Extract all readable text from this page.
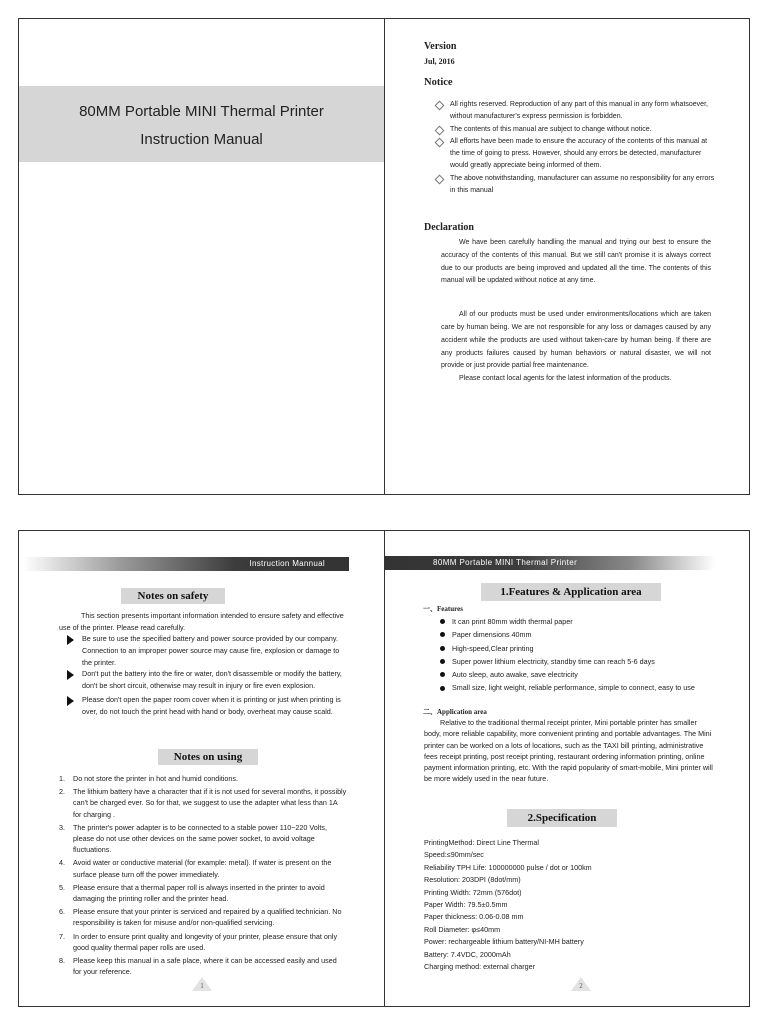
80MM Portable MINI Thermal Printer
Instruction Manual
Version
Jul, 2016
Notice
All rights reserved. Reproduction of any part of this manual in any form whatsoever, without manufacturer's express permission is forbidden.
The contents of this manual are subject to change without notice.
All efforts have been made to ensure the accuracy of the contents of this manual at the time of going to press. However, should any errors be detected, manufacturer would greatly appreciate being informed of them.
The above notwithstanding, manufacturer can assume no responsibility for any errors in this manual
Declaration
We have been carefully handling the manual and trying our best to ensure the accuracy of the contents of this manual. But we still can't promise it is always correct due to our products are being improved and updated all the time. The contents of this manual will be updated without notice at any time.
All of our products must be used under environments/locations which are taken care by human being. We are not responsible for any loss or damages caused by any accident while the products are used without taken-care by human being. If there are any products failures caused by human behaviors or natural disaster, we will not provide or just provide partial free maintenance.
Please contact local agents for the latest information of the products.
Instruction Mannual
Notes on safety
This section presents important information intended to ensure safety and effective use of the printer. Please read carefully.
Be sure to use the specified battery and power source provided by our company. Connection to an improper power source may cause fire, explosion or damage to the printer.
Don't put the battery into the fire or water, don't disassemble or modify the battery, don't be short circuit, otherwise may result in injury or fire even explosion.
Please don't open the paper room cover when it is printing or just when printing is over, do not touch the print head with hand or body, overheat may cause scald.
Notes on using
1. Do not store the printer in hot and humid conditions.
2. The lithium battery have a character that if it is not used for several months, it possibly can't be charged ever. So for that, we suggest to use the adapter what less than 1A for charging .
3. The printer's power adapter is to be connected to a stable power 110~220 Volts, please do not use other devices on the same power socket, to avoid voltage fluctuations.
4. Avoid water or conductive material (for example: metal). If water is present on the surface please turn off the power immediately.
5. Please ensure that a thermal paper roll is always inserted in the printer to avoid damaging the printing roller and the printer head.
6. Please ensure that your printer is serviced and repaired by a qualified technician. No responsibility is taken for misuse and/or non-qualified servicing.
7. In order to ensure print quality and longevity of your printer, please ensure that only good quality thermal paper rolls are used.
8. Please keep this manual in a safe place, where it can be accessed easily and used for your reference.
1
80MM Portable MINI Thermal Printer
1.Features & Application area
一、Features
It can print 80mm width thermal paper
Paper dimensions 40mm
High-speed,Clear printing
Super power lithium electricity, standby time can reach 5-6 days
Auto sleep, auto awake, save electricity
Small size, light weight, reliable performance, simple to connect, easy to use
二、Application area
Relative to the traditional thermal receipt printer, Mini portable printer has smaller body, more reliable capability, more convenient printing and portable advantages. The Mini printer can be worked on a lots of locations, such as the TAXI bill printing, administrative fees receipt printing, post receipt printing, restaurant ordering information printing, online payment information printing, etc. With the rapid popularity of smart-mobile, Mini printer will be more widely used in the near future.
2.Specification
PrintingMethod: Direct Line Thermal
Speed:≤90mm/sec
Reliability TPH Life: 100000000 pulse / dot or 100km
Resolution: 203DPI (8dot/mm)
Printing Width: 72mm (576dot)
Paper Width: 79.5±0.5mm
Paper thickness: 0.06-0.08 mm
Roll Diameter: φ≤40mm
Power: rechargeable lithium battery/NI-MH battery
Battery: 7.4VDC, 2000mAh
Charging method: external charger
2
